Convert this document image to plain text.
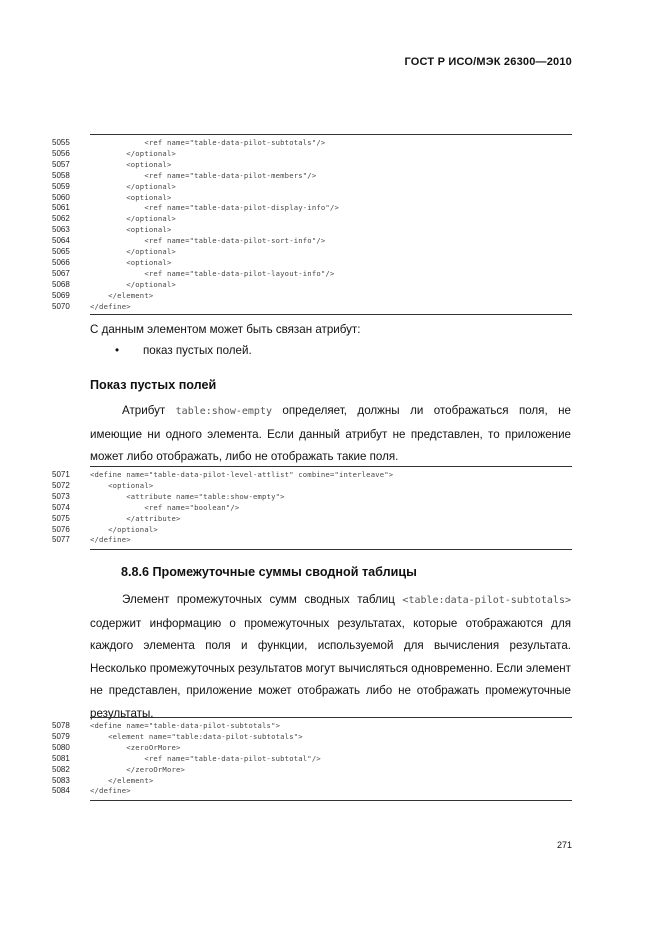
ГОСТ Р ИСО/МЭК 26300—2010
5055	<ref name="table-data-pilot-subtotals"/>
5056	</optional>
5057	<optional>
5058	<ref name="table-data-pilot-members"/>
5059	</optional>
5060	<optional>
5061	<ref name="table-data-pilot-display-info"/>
5062	</optional>
5063	<optional>
5064	<ref name="table-data-pilot-sort-info"/>
5065	</optional>
5066	<optional>
5067	<ref name="table-data-pilot-layout-info"/>
5068	</optional>
5069	</element>
5070	</define>
С данным элементом может быть связан атрибут:
• показ пустых полей.
Показ пустых полей
Атрибут table:show-empty определяет, должны ли отображаться поля, не имеющие ни одного элемента. Если данный атрибут не представлен, то приложение может либо отображать, либо не отображать такие поля.
5071	<define name="table-data-pilot-level-attlist" combine="interleave">
5072	<optional>
5073	<attribute name="table:show-empty">
5074	<ref name="boolean"/>
5075	</attribute>
5076	</optional>
5077	</define>
8.8.6 Промежуточные суммы сводной таблицы
Элемент промежуточных сумм сводных таблиц <table:data-pilot-subtotals> содержит информацию о промежуточных результатах, которые отображаются для каждого элемента поля и функции, используемой для вычисления результата. Несколько промежуточных результатов могут вычисляться одновременно. Если элемент не представлен, приложение может отображать либо не отображать промежуточные результаты.
5078	<define name="table-data-pilot-subtotals">
5079	<element name="table:data-pilot-subtotals">
5080	<zeroOrMore>
5081	<ref name="table-data-pilot-subtotal"/>
5082	</zeroOrMore>
5083	</element>
5084	</define>
271
